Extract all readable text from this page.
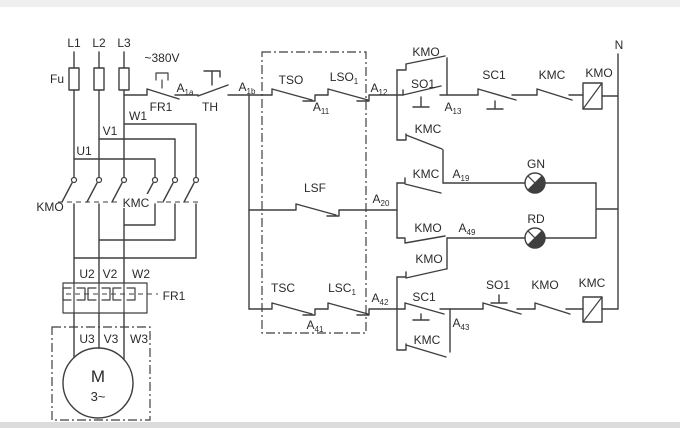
L1 L2 L3
~380V
Fu
FR1 TH
W1
V1
U1
KMO	KMC
U2 V2 W2
FR1
U3 V3 W3
M
3~
TSO $LSO_1$
$A_{11}$
$A_{1a}$	$A_{1b}$	$A_{12}$
LSF
$A_{20}$
TSC	$LSC_1$
$A_{41}$
$A_{42}$
KMO
SO1
$A_{13}$
SC1	KMC KMO
N
KMC
KMC $A_{19}$
GN
RD
KMO $A_{49}$
KMO
SC1
$A_{43}$
KMC
SO1 KMO KMC
